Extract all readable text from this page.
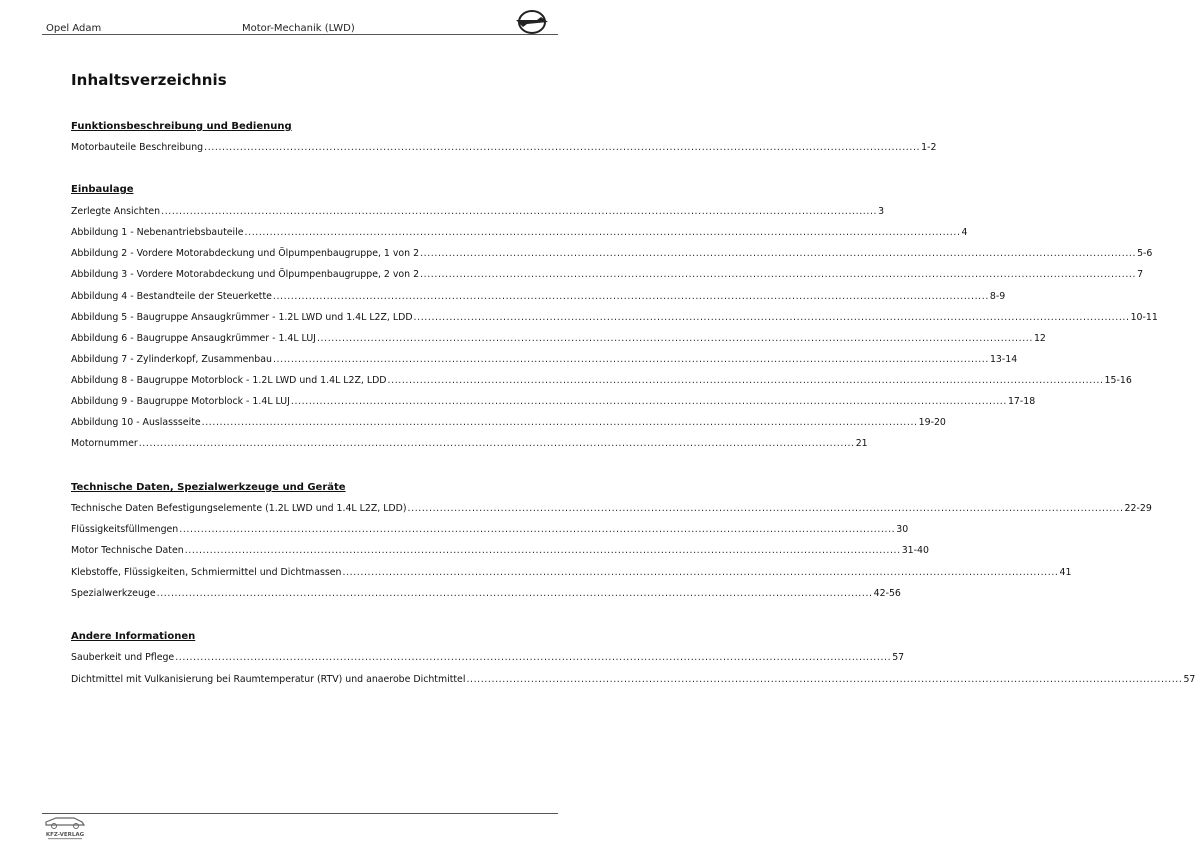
Opel Adam	Motor-Mechanik (LWD)
Inhaltsverzeichnis
Funktionsbeschreibung und Bedienung
Motorbauteile Beschreibung ........................................................................................................................................................................................................ 1-2
Einbaulage
Zerlegte Ansichten ........................................................................................................................................................................................................ 3
Abbildung 1 - Nebenantriebsbauteile ........................................................................................................................................................................................................ 4
Abbildung 2 - Vordere Motorabdeckung und Ölpumpenbaugruppe, 1 von 2 ........................................................................................................................................................................................................ 5-6
Abbildung 3 - Vordere Motorabdeckung und Ölpumpenbaugruppe, 2 von 2 ........................................................................................................................................................................................................ 7
Abbildung 4 - Bestandteile der Steuerkette ........................................................................................................................................................................................................ 8-9
Abbildung 5 - Baugruppe Ansaugkrümmer - 1.2L LWD und 1.4L L2Z, LDD ........................................................................................................................................................................................................ 10-11
Abbildung 6 - Baugruppe Ansaugkrümmer - 1.4L LUJ ........................................................................................................................................................................................................ 12
Abbildung 7 - Zylinderkopf, Zusammenbau ........................................................................................................................................................................................................ 13-14
Abbildung 8 - Baugruppe Motorblock - 1.2L LWD und 1.4L L2Z, LDD ........................................................................................................................................................................................................ 15-16
Abbildung 9 - Baugruppe Motorblock - 1.4L LUJ ........................................................................................................................................................................................................ 17-18
Abbildung 10 - Auslassseite ........................................................................................................................................................................................................ 19-20
Motornummer ........................................................................................................................................................................................................ 21
Technische Daten, Spezialwerkzeuge und Geräte
Technische Daten Befestigungselemente (1.2L LWD und 1.4L L2Z, LDD) ........................................................................................................................................................................................................ 22-29
Flüssigkeitsfüllmengen ........................................................................................................................................................................................................ 30
Motor Technische Daten ........................................................................................................................................................................................................ 31-40
Klebstoffe, Flüssigkeiten, Schmiermittel und Dichtmassen ........................................................................................................................................................................................................ 41
Spezialwerkzeuge ........................................................................................................................................................................................................ 42-56
Andere Informationen
Sauberkeit und Pflege ........................................................................................................................................................................................................ 57
Dichtmittel mit Vulkanisierung bei Raumtemperatur (RTV) und anaerobe Dichtmittel ........................................................................................................................................................................................................ 57
KFZ-VERLAG
